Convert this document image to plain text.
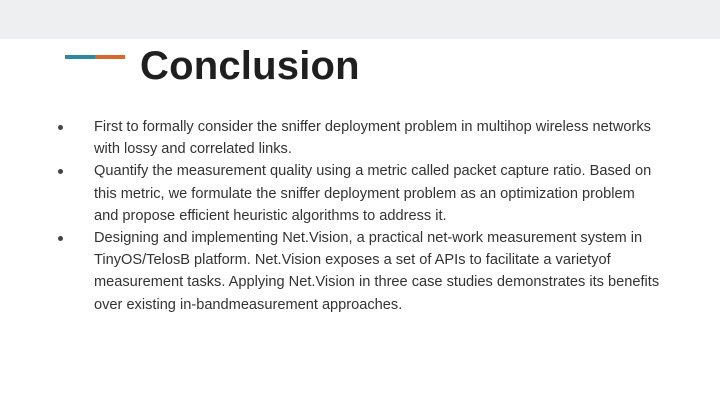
Conclusion
First to formally consider the sniffer deployment problem in multihop wireless networks with lossy and correlated links.
Quantify the measurement quality using a metric called packet capture ratio. Based on this metric, we formulate the sniffer deployment problem as an optimization problem and propose efficient heuristic algorithms to address it.
Designing and implementing Net.Vision, a practical net-work measurement system in TinyOS/TelosB platform. Net.Vision exposes a set of APIs to facilitate a varietyof measurement tasks. Applying Net.Vision in three case studies demonstrates its benefits over existing in-bandmeasurement approaches.
